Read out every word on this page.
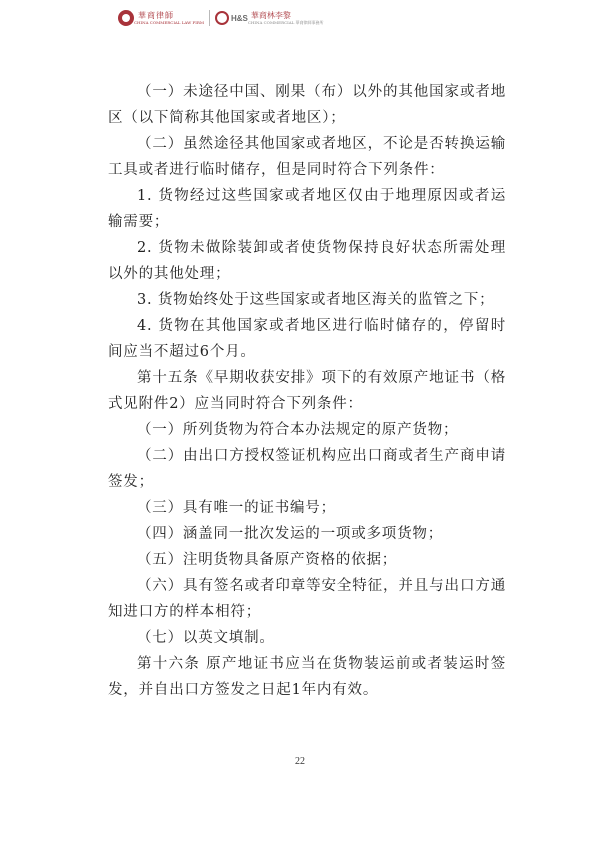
華商律師
CHINA COMMERCIAL LAW FIRM	H&S 華商林李黎
CHINA COMMERCIAL 華商律師事務所

（一）未途径中国、刚果（布）以外的其他国家或者地区（以下简称其他国家或者地区）；

（二）虽然途径其他国家或者地区，不论是否转换运输工具或者进行临时储存，但是同时符合下列条件：

1. 货物经过这些国家或者地区仅由于地理原因或者运输需要；

2. 货物未做除装卸或者使货物保持良好状态所需处理以外的其他处理；

3. 货物始终处于这些国家或者地区海关的监管之下；

4. 货物在其他国家或者地区进行临时储存的，停留时间应当不超过6个月。

第十五条《早期收获安排》项下的有效原产地证书（格式见附件2）应当同时符合下列条件：

（一）所列货物为符合本办法规定的原产货物；

（二）由出口方授权签证机构应出口商或者生产商申请签发；

（三）具有唯一的证书编号；

（四）涵盖同一批次发运的一项或多项货物；

（五）注明货物具备原产资格的依据；

（六）具有签名或者印章等安全特征，并且与出口方通知进口方的样本相符；

（七）以英文填制。

第十六条 原产地证书应当在货物装运前或者装运时签发，并自出口方签发之日起1年内有效。

22
